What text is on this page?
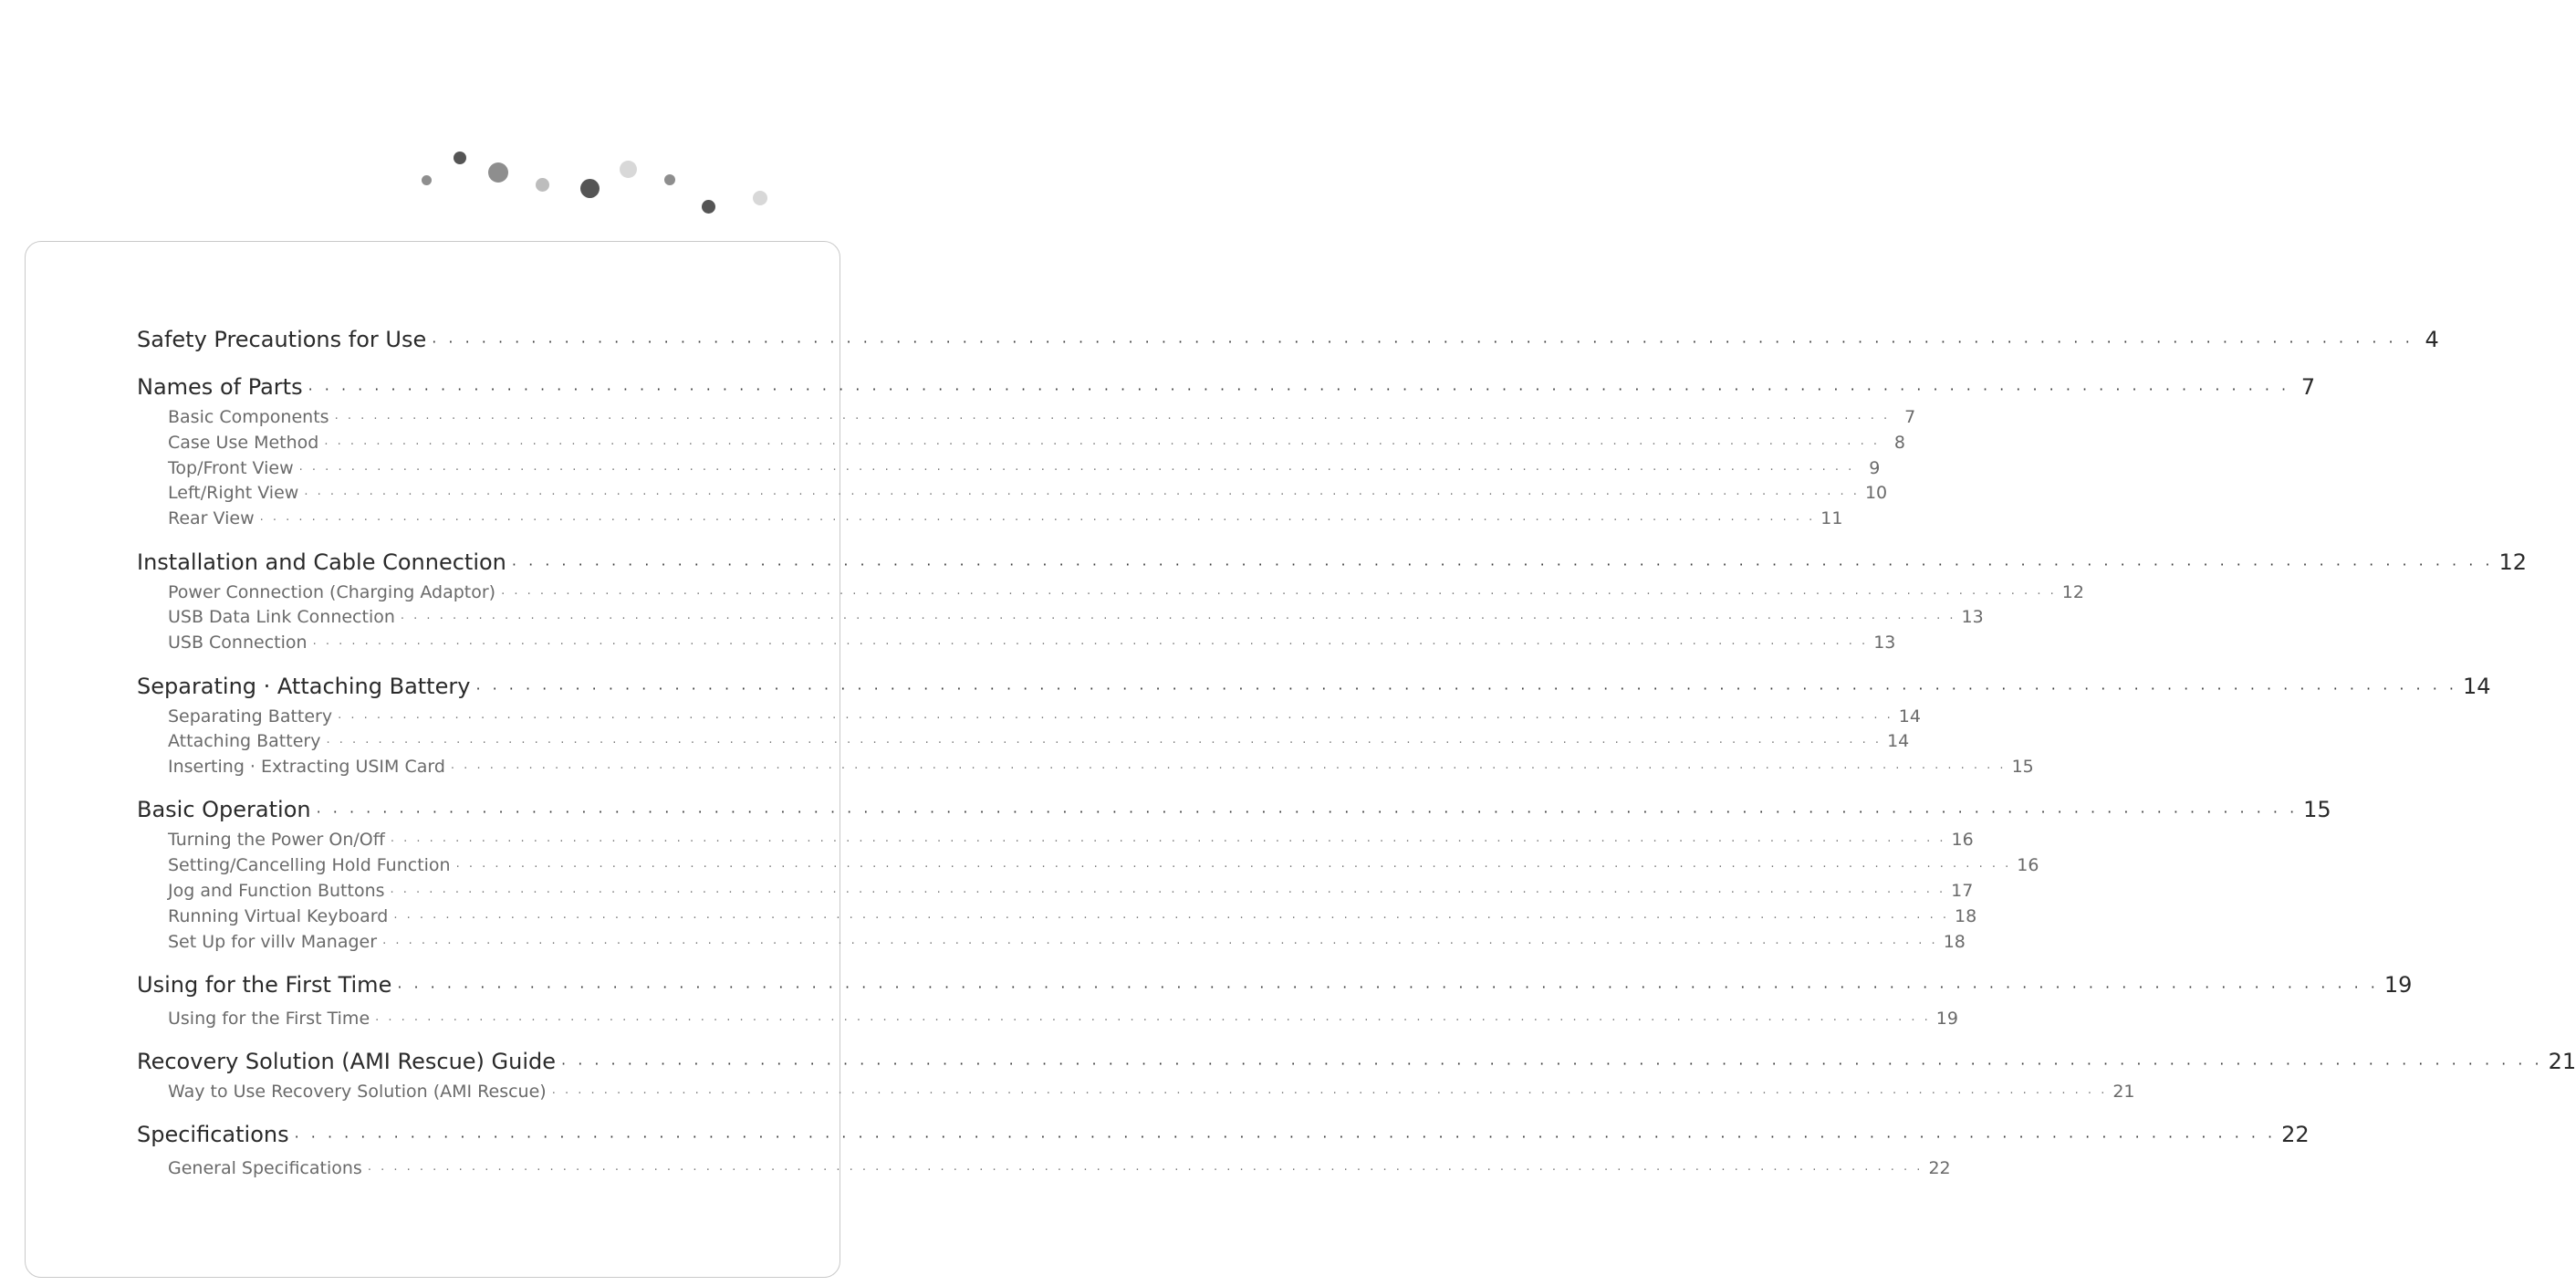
Safety Precautions for Use · · · · · · · · · · · · · · · · · · · · · · · · · · · · · · · · · · · · · · · · · · · · · · · · · · · · · · · · · · · · · · · · · · · · · · · · · · · · · · · · · · · · · · · · · · · · · · · · · · · · · · · · · · · · · · · · · · · · · · · · 4
Names of Parts · · · · · · · · · · · · · · · · · · · · · · · · · · · · · · · · · · · · · · · · · · · · · · · · · · · · · · · · · · · · · · · · · · · · · · · · · · · · · · · · · · · · · · · · · · · · · · · · · · · · · · · · · · · · · · · · · · · · · · · · 7
Basic Components · · · · · · · · · · · · · · · · · · · · · · · · · · · · · · · · · · · · · · · · · · · · · · · · · · · · · · · · · · · · · · · · · · · · · · · · · · · · · · · · · · · · · · · · · · · · · · · · · · · · · · · · · · · · · · · · · · · · · · · · 7
Case Use Method · · · · · · · · · · · · · · · · · · · · · · · · · · · · · · · · · · · · · · · · · · · · · · · · · · · · · · · · · · · · · · · · · · · · · · · · · · · · · · · · · · · · · · · · · · · · · · · · · · · · · · · · · · · · · · · · · · · · · · · · 8
Top/Front View · · · · · · · · · · · · · · · · · · · · · · · · · · · · · · · · · · · · · · · · · · · · · · · · · · · · · · · · · · · · · · · · · · · · · · · · · · · · · · · · · · · · · · · · · · · · · · · · · · · · · · · · · · · · · · · · · · · · · · · · 9
Left/Right View · · · · · · · · · · · · · · · · · · · · · · · · · · · · · · · · · · · · · · · · · · · · · · · · · · · · · · · · · · · · · · · · · · · · · · · · · · · · · · · · · · · · · · · · · · · · · · · · · · · · · · · · · · · · · · · · · · · · · · · · 10
Rear View · · · · · · · · · · · · · · · · · · · · · · · · · · · · · · · · · · · · · · · · · · · · · · · · · · · · · · · · · · · · · · · · · · · · · · · · · · · · · · · · · · · · · · · · · · · · · · · · · · · · · · · · · · · · · · · · · · · · · · · · 11
Installation and Cable Connection · · · · · · · · · · · · · · · · · · · · · · · · · · · · · · · · · · · · · · · · · · · · · · · · · · · · · · · · · · · · · · · · · · · · · · · · · · · · · · · · · · · · · · · · · · · · · · · · · · · · · · · · · · · · · · · · · · · · · · · · 12
Power Connection (Charging Adaptor) · · · · · · · · · · · · · · · · · · · · · · · · · · · · · · · · · · · · · · · · · · · · · · · · · · · · · · · · · · · · · · · · · · · · · · · · · · · · · · · · · · · · · · · · · · · · · · · · · · · · · · · · · · · · · · · · · · · · · · · · 12
USB Data Link Connection · · · · · · · · · · · · · · · · · · · · · · · · · · · · · · · · · · · · · · · · · · · · · · · · · · · · · · · · · · · · · · · · · · · · · · · · · · · · · · · · · · · · · · · · · · · · · · · · · · · · · · · · · · · · · · · · · · · · · · · · 13
USB Connection · · · · · · · · · · · · · · · · · · · · · · · · · · · · · · · · · · · · · · · · · · · · · · · · · · · · · · · · · · · · · · · · · · · · · · · · · · · · · · · · · · · · · · · · · · · · · · · · · · · · · · · · · · · · · · · · · · · · · · · · 13
Separating · Attaching Battery · · · · · · · · · · · · · · · · · · · · · · · · · · · · · · · · · · · · · · · · · · · · · · · · · · · · · · · · · · · · · · · · · · · · · · · · · · · · · · · · · · · · · · · · · · · · · · · · · · · · · · · · · · · · · · · · · · · · · · · · 14
Separating Battery · · · · · · · · · · · · · · · · · · · · · · · · · · · · · · · · · · · · · · · · · · · · · · · · · · · · · · · · · · · · · · · · · · · · · · · · · · · · · · · · · · · · · · · · · · · · · · · · · · · · · · · · · · · · · · · · · · · · · · · · 14
Attaching Battery · · · · · · · · · · · · · · · · · · · · · · · · · · · · · · · · · · · · · · · · · · · · · · · · · · · · · · · · · · · · · · · · · · · · · · · · · · · · · · · · · · · · · · · · · · · · · · · · · · · · · · · · · · · · · · · · · · · · · · · · 14
Inserting · Extracting USIM Card · · · · · · · · · · · · · · · · · · · · · · · · · · · · · · · · · · · · · · · · · · · · · · · · · · · · · · · · · · · · · · · · · · · · · · · · · · · · · · · · · · · · · · · · · · · · · · · · · · · · · · · · · · · · · · · · · · · · · · · · 15
Basic Operation · · · · · · · · · · · · · · · · · · · · · · · · · · · · · · · · · · · · · · · · · · · · · · · · · · · · · · · · · · · · · · · · · · · · · · · · · · · · · · · · · · · · · · · · · · · · · · · · · · · · · · · · · · · · · · · · · · · · · · · · 15
Turning the Power On/Off · · · · · · · · · · · · · · · · · · · · · · · · · · · · · · · · · · · · · · · · · · · · · · · · · · · · · · · · · · · · · · · · · · · · · · · · · · · · · · · · · · · · · · · · · · · · · · · · · · · · · · · · · · · · · · · · · · · · · · · · 16
Setting/Cancelling Hold Function · · · · · · · · · · · · · · · · · · · · · · · · · · · · · · · · · · · · · · · · · · · · · · · · · · · · · · · · · · · · · · · · · · · · · · · · · · · · · · · · · · · · · · · · · · · · · · · · · · · · · · · · · · · · · · · · · · · · · · · · 16
Jog and Function Buttons · · · · · · · · · · · · · · · · · · · · · · · · · · · · · · · · · · · · · · · · · · · · · · · · · · · · · · · · · · · · · · · · · · · · · · · · · · · · · · · · · · · · · · · · · · · · · · · · · · · · · · · · · · · · · · · · · · · · · · · · 17
Running Virtual Keyboard · · · · · · · · · · · · · · · · · · · · · · · · · · · · · · · · · · · · · · · · · · · · · · · · · · · · · · · · · · · · · · · · · · · · · · · · · · · · · · · · · · · · · · · · · · · · · · · · · · · · · · · · · · · · · · · · · · · · · · · · 18
Set Up for villv Manager · · · · · · · · · · · · · · · · · · · · · · · · · · · · · · · · · · · · · · · · · · · · · · · · · · · · · · · · · · · · · · · · · · · · · · · · · · · · · · · · · · · · · · · · · · · · · · · · · · · · · · · · · · · · · · · · · · · · · · · · 18
Using for the First Time · · · · · · · · · · · · · · · · · · · · · · · · · · · · · · · · · · · · · · · · · · · · · · · · · · · · · · · · · · · · · · · · · · · · · · · · · · · · · · · · · · · · · · · · · · · · · · · · · · · · · · · · · · · · · · · · · · · · · · · · 19
Using for the First Time · · · · · · · · · · · · · · · · · · · · · · · · · · · · · · · · · · · · · · · · · · · · · · · · · · · · · · · · · · · · · · · · · · · · · · · · · · · · · · · · · · · · · · · · · · · · · · · · · · · · · · · · · · · · · · · · · · · · · · · · 19
Recovery Solution (AMI Rescue) Guide · · · · · · · · · · · · · · · · · · · · · · · · · · · · · · · · · · · · · · · · · · · · · · · · · · · · · · · · · · · · · · · · · · · · · · · · · · · · · · · · · · · · · · · · · · · · · · · · · · · · · · · · · · · · · · · · · · · · · · · · 21
Way to Use Recovery Solution (AMI Rescue) · · · · · · · · · · · · · · · · · · · · · · · · · · · · · · · · · · · · · · · · · · · · · · · · · · · · · · · · · · · · · · · · · · · · · · · · · · · · · · · · · · · · · · · · · · · · · · · · · · · · · · · · · · · · · · · · · · · · · · · · 21
Specifications · · · · · · · · · · · · · · · · · · · · · · · · · · · · · · · · · · · · · · · · · · · · · · · · · · · · · · · · · · · · · · · · · · · · · · · · · · · · · · · · · · · · · · · · · · · · · · · · · · · · · · · · · · · · · · · · · · · · · · · · 22
General Specifications · · · · · · · · · · · · · · · · · · · · · · · · · · · · · · · · · · · · · · · · · · · · · · · · · · · · · · · · · · · · · · · · · · · · · · · · · · · · · · · · · · · · · · · · · · · · · · · · · · · · · · · · · · · · · · · · · · · · · · · · 22
